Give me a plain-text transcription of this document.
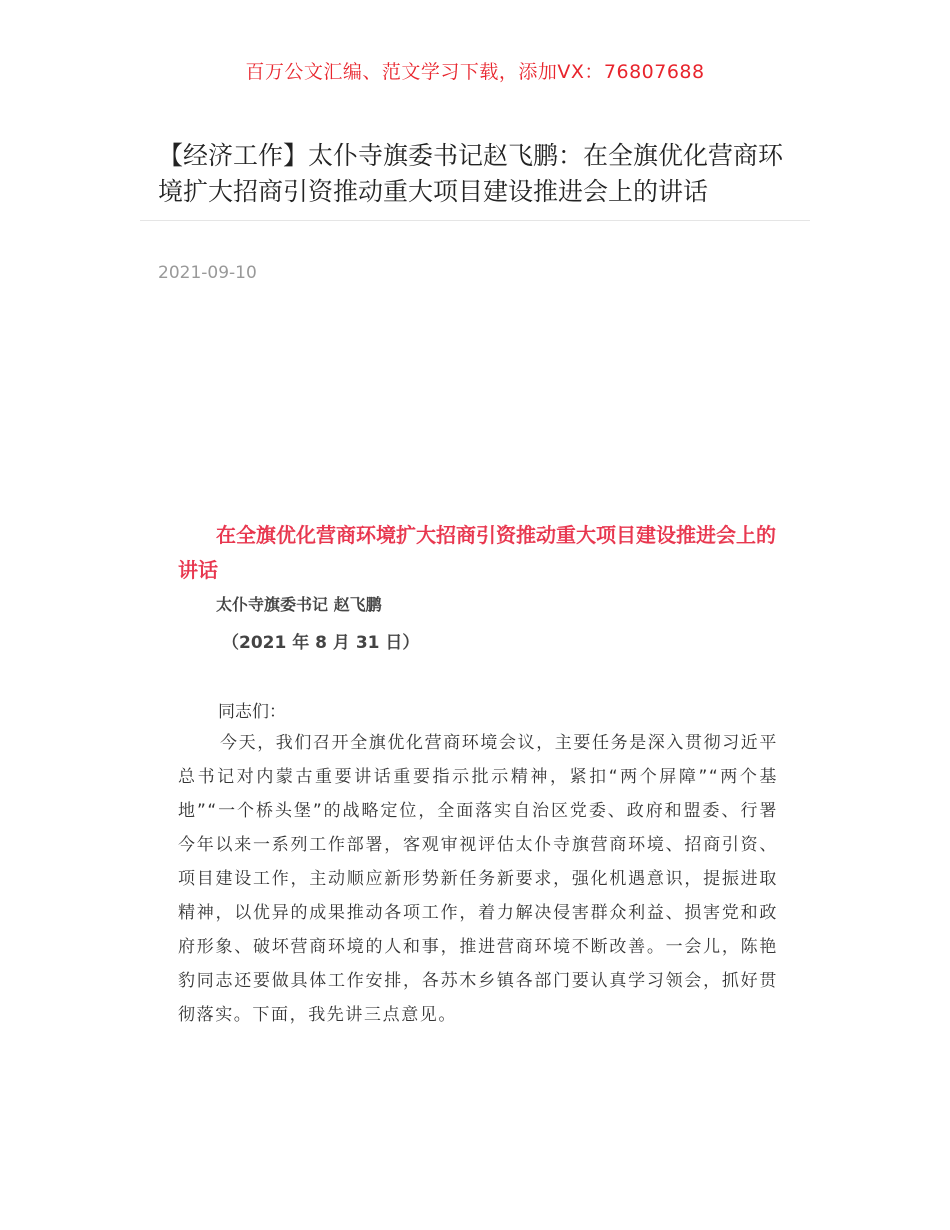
百万公文汇编、范文学习下载，添加VX：76807688
【经济工作】太仆寺旗委书记赵飞鹏：在全旗优化营商环境扩大招商引资推动重大项目建设推进会上的讲话
2021-09-10
在全旗优化营商环境扩大招商引资推动重大项目建设推进会上的讲话
太仆寺旗委书记 赵飞鹏
（2021 年 8 月 31 日）
同志们：

今天，我们召开全旗优化营商环境会议，主要任务是深入贯彻习近平总书记对内蒙古重要讲话重要指示批示精神，紧扣“两个屏障”“两个基地”“一个桥头堡”的战略定位，全面落实自治区党委、政府和盟委、行署今年以来一系列工作部署，客观审视评估太仆寺旗营商环境、招商引资、项目建设工作，主动顺应新形势新任务新要求，强化机遇意识，提振进取精神，以优异的成果推动各项工作，着力解决侵害群众利益、损害党和政府形象、破坏营商环境的人和事，推进营商环境不断改善。一会儿，陈艳豹同志还要做具体工作安排，各苏木乡镇各部门要认真学习领会，抓好贯彻落实。下面，我先讲三点意见。
